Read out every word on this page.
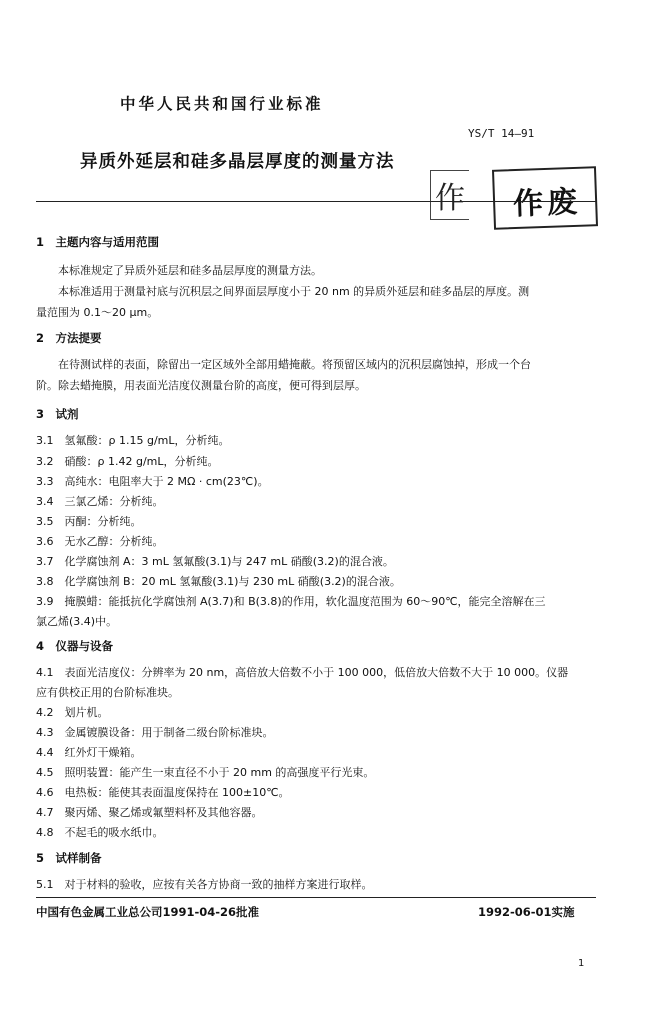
中华人民共和国行业标准
YS/T 14—91
异质外延层和硅多晶层厚度的测量方法
作 作废
1　主题内容与适用范围
本标准规定了异质外延层和硅多晶层厚度的测量方法。
本标准适用于测量衬底与沉积层之间界面层厚度小于 20 nm 的异质外延层和硅多晶层的厚度。测
量范围为 0.1～20 μm。
2　方法提要
在待测试样的表面，除留出一定区域外全部用蜡掩蔽。将预留区域内的沉积层腐蚀掉，形成一个台
阶。除去蜡掩膜，用表面光洁度仪测量台阶的高度，便可得到层厚。
3　试剂
3.1　氢氟酸：ρ 1.15 g/mL，分析纯。
3.2　硝酸：ρ 1.42 g/mL，分析纯。
3.3　高纯水：电阻率大于 2 MΩ · cm(23℃)。
3.4　三氯乙烯：分析纯。
3.5　丙酮：分析纯。
3.6　无水乙醇：分析纯。
3.7　化学腐蚀剂 A：3 mL 氢氟酸(3.1)与 247 mL 硝酸(3.2)的混合液。
3.8　化学腐蚀剂 B：20 mL 氢氟酸(3.1)与 230 mL 硝酸(3.2)的混合液。
3.9　掩膜蜡：能抵抗化学腐蚀剂 A(3.7)和 B(3.8)的作用，软化温度范围为 60～90℃，能完全溶解在三
氯乙烯(3.4)中。
4　仪器与设备
4.1　表面光洁度仪：分辨率为 20 nm，高倍放大倍数不小于 100 000，低倍放大倍数不大于 10 000。仪器
应有供校正用的台阶标准块。
4.2　划片机。
4.3　金属镀膜设备：用于制备二级台阶标准块。
4.4　红外灯干燥箱。
4.5　照明装置：能产生一束直径不小于 20 mm 的高强度平行光束。
4.6　电热板：能使其表面温度保持在 100±10℃。
4.7　聚丙烯、聚乙烯或氟塑料杯及其他容器。
4.8　不起毛的吸水纸巾。
5　试样制备
5.1　对于材料的验收，应按有关各方协商一致的抽样方案进行取样。
中国有色金属工业总公司1991-04-26批准	1992-06-01实施
1
